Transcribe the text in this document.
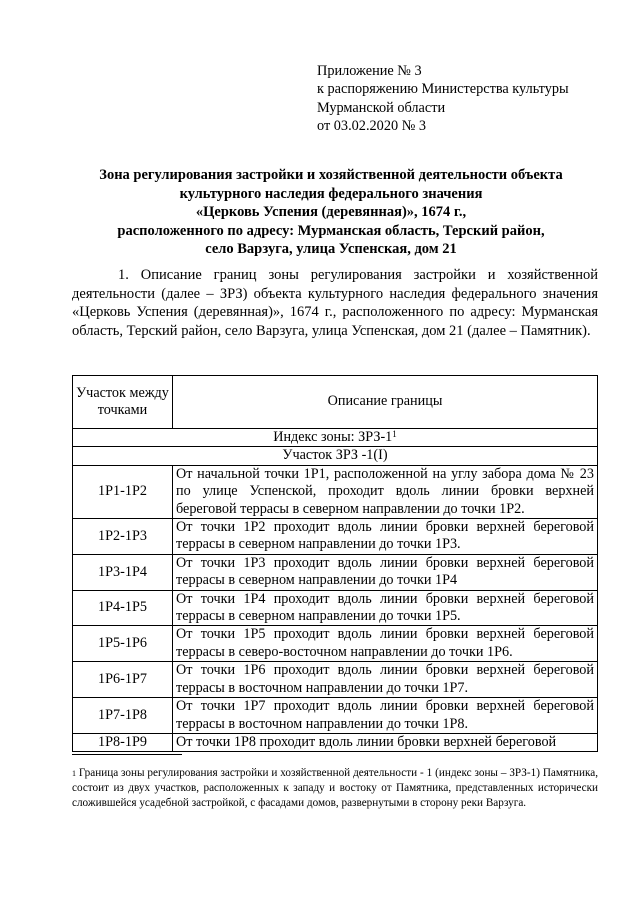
Приложение № 3
к распоряжению Министерства культуры
Мурманской области
от 03.02.2020 № 3
Зона регулирования застройки и хозяйственной деятельности объекта
культурного наследия федерального значения
«Церковь Успения (деревянная)», 1674 г.,
расположенного по адресу: Мурманская область, Терский район,
село Варзуга, улица Успенская, дом 21
1. Описание границ зоны регулирования застройки и хозяйственной деятельности (далее – ЗРЗ) объекта культурного наследия федерального значения «Церковь Успения (деревянная)», 1674 г., расположенного по адресу: Мурманская область, Терский район, село Варзуга, улица Успенская, дом 21 (далее – Памятник).
Участок между точками	Описание границы
Индекс зоны: ЗРЗ-$1^1$
Участок ЗРЗ -1(I)	
1Р1-1Р2	От начальной точки 1Р1, расположенной на углу забора дома № 23 по улице Успенской, проходит вдоль линии бровки верхней береговой террасы в северном направлении до точки 1Р2.
1Р2-1Р3	От точки 1Р2 проходит вдоль линии бровки верхней береговой террасы в северном направлении до точки 1Р3.
1Р3-1Р4	От точки 1Р3 проходит вдоль линии бровки верхней береговой террасы в северном направлении до точки 1Р4
1Р4-1Р5	От точки 1Р4 проходит вдоль линии бровки верхней береговой террасы в северном направлении до точки 1Р5.
1Р5-1Р6	От точки 1Р5 проходит вдоль линии бровки верхней береговой террасы в северо-восточном направлении до точки 1Р6.
1Р6-1Р7	От точки 1Р6 проходит вдоль линии бровки верхней береговой террасы в восточном направлении до точки 1Р7.
1Р7-1Р8	От точки 1Р7 проходит вдоль линии бровки верхней береговой террасы в восточном направлении до точки 1Р8.
1Р8-1Р9	От точки 1Р8 проходит вдоль линии бровки верхней береговой
$^1$ Граница зоны регулирования застройки и хозяйственной деятельности - 1 (индекс зоны – ЗРЗ-1) Памятника, состоит из двух участков, расположенных к западу и востоку от Памятника, представленных исторически сложившейся усадебной застройкой, с фасадами домов, развернутыми в сторону реки Варзуга.
